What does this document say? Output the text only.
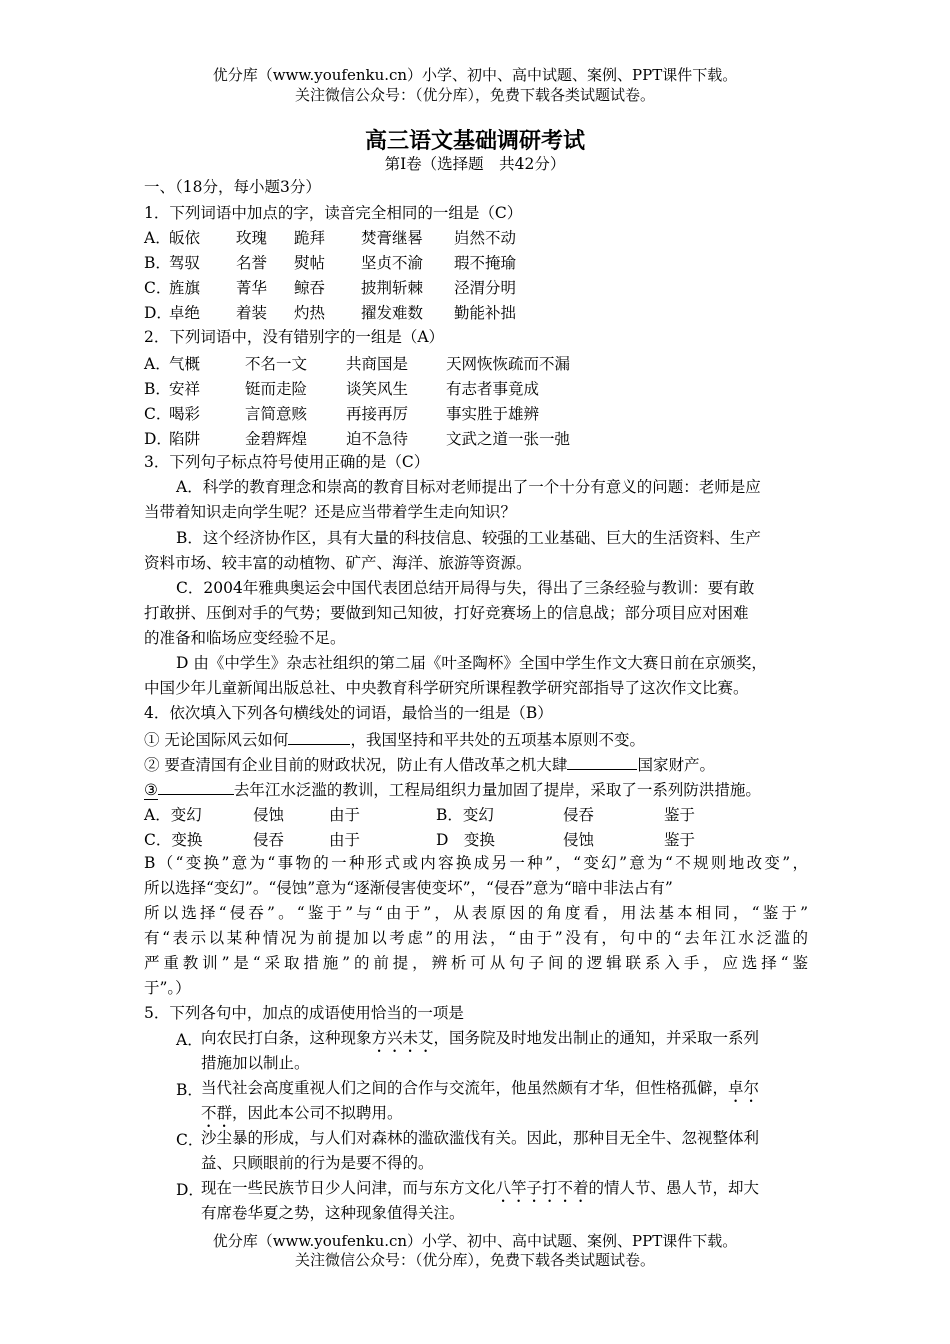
优分库（www.youfenku.cn）小学、初中、高中试题、案例、PPT课件下载。
关注微信公众号：（优分库），免费下载各类试题试卷。
高三语文基础调研考试
第Ⅰ卷（选择题　共42分）
一、（18分，每小题3分）
1．下列词语中加点的字，读音完全相同的一组是（C）
A．
皈依 玫瑰 跪拜 焚膏继晷 岿然不动
B．
驾驭 名誉 熨帖 坚贞不渝 瑕不掩瑜
C．
旌旗 菁华 鲸吞 披荆斩棘 泾渭分明
D．
卓绝 着装 灼热 擢发难数 勤能补拙
2．下列词语中，没有错别字的一组是（A）
A．
气概	不名一文	共商国是 天网恢恢疏而不漏
B．
安祥	铤而走险	谈笑风生 有志者事竟成
C．
喝彩	言简意赅	再接再厉 事实胜于雄辨
D．
陷阱	金碧辉煌	迫不急待 文武之道一张一弛
3．下列句子标点符号使用正确的是（C）
A．科学的教育理念和崇高的教育目标对老师提出了一个十分有意义的问题：老师是应
当带着知识走向学生呢？还是应当带着学生走向知识？
B．这个经济协作区，具有大量的科技信息、较强的工业基础、巨大的生活资料、生产
资料市场、较丰富的动植物、矿产、海洋、旅游等资源。
C．2004年雅典奥运会中国代表团总结开局得与失，得出了三条经验与教训：要有敢
打敢拼、压倒对手的气势；要做到知己知彼，打好竞赛场上的信息战；部分项目应对困难
的准备和临场应变经验不足。
D 由《中学生》杂志社组织的第二届《叶圣陶杯》全国中学生作文大赛日前在京颁奖，
中国少年儿童新闻出版总社、中央教育科学研究所课程教学研究部指导了这次作文比赛。
4．依次填入下列各句横线处的词语，最恰当的一组是（B）
① 无论国际风云如何	，我国坚持和平共处的五项基本原则不变。
② 要查清国有企业目前的财政状况，防止有人借改革之机大肆	国家财产。
③	去年江水泛滥的教训，工程局组织力量加固了提岸，采取了一系列防洪措施。
A．变幻	侵蚀	由于	B．变幻	侵吞	鉴于
C．变换	侵吞	由于	D　变换	侵蚀	鉴于
B（“变换”意为“事物的一种形式或内容换成另一种”，“变幻”意为“不规则地改变”，
所以选择“变幻”。“侵蚀”意为“逐渐侵害使变坏”，“侵吞”意为“暗中非法占有”
所以选择“侵吞”。“鉴于”与“由于”，从表原因的角度看，用法基本相同，“鉴于”
有“表示以某种情况为前提加以考虑”的用法，“由于”没有，句中的“去年江水泛滥的
严重教训”是“采取措施”的前提，辨析可从句子间的逻辑联系入手，应选择“鉴
于”。）
5．下列各句中，加点的成语使用恰当的一项是
A．
向农民打白条，这种现象方兴未艾，国务院及时地发出制止的通知，并采取一系列
措施加以制止。
B．
当代社会高度重视人们之间的合作与交流年，他虽然颇有才华，但性格孤僻，卓尔
不群，因此本公司不拟聘用。
C．
沙尘暴的形成，与人们对森林的滥砍滥伐有关。因此，那种目无全牛、忽视整体利
益、只顾眼前的行为是要不得的。
D．
现在一些民族节日少人问津，而与东方文化八竿子打不着的情人节、愚人节，却大
有席卷华夏之势，这种现象值得关注。
优分库（www.youfenku.cn）小学、初中、高中试题、案例、PPT课件下载。
关注微信公众号：（优分库），免费下载各类试题试卷。
